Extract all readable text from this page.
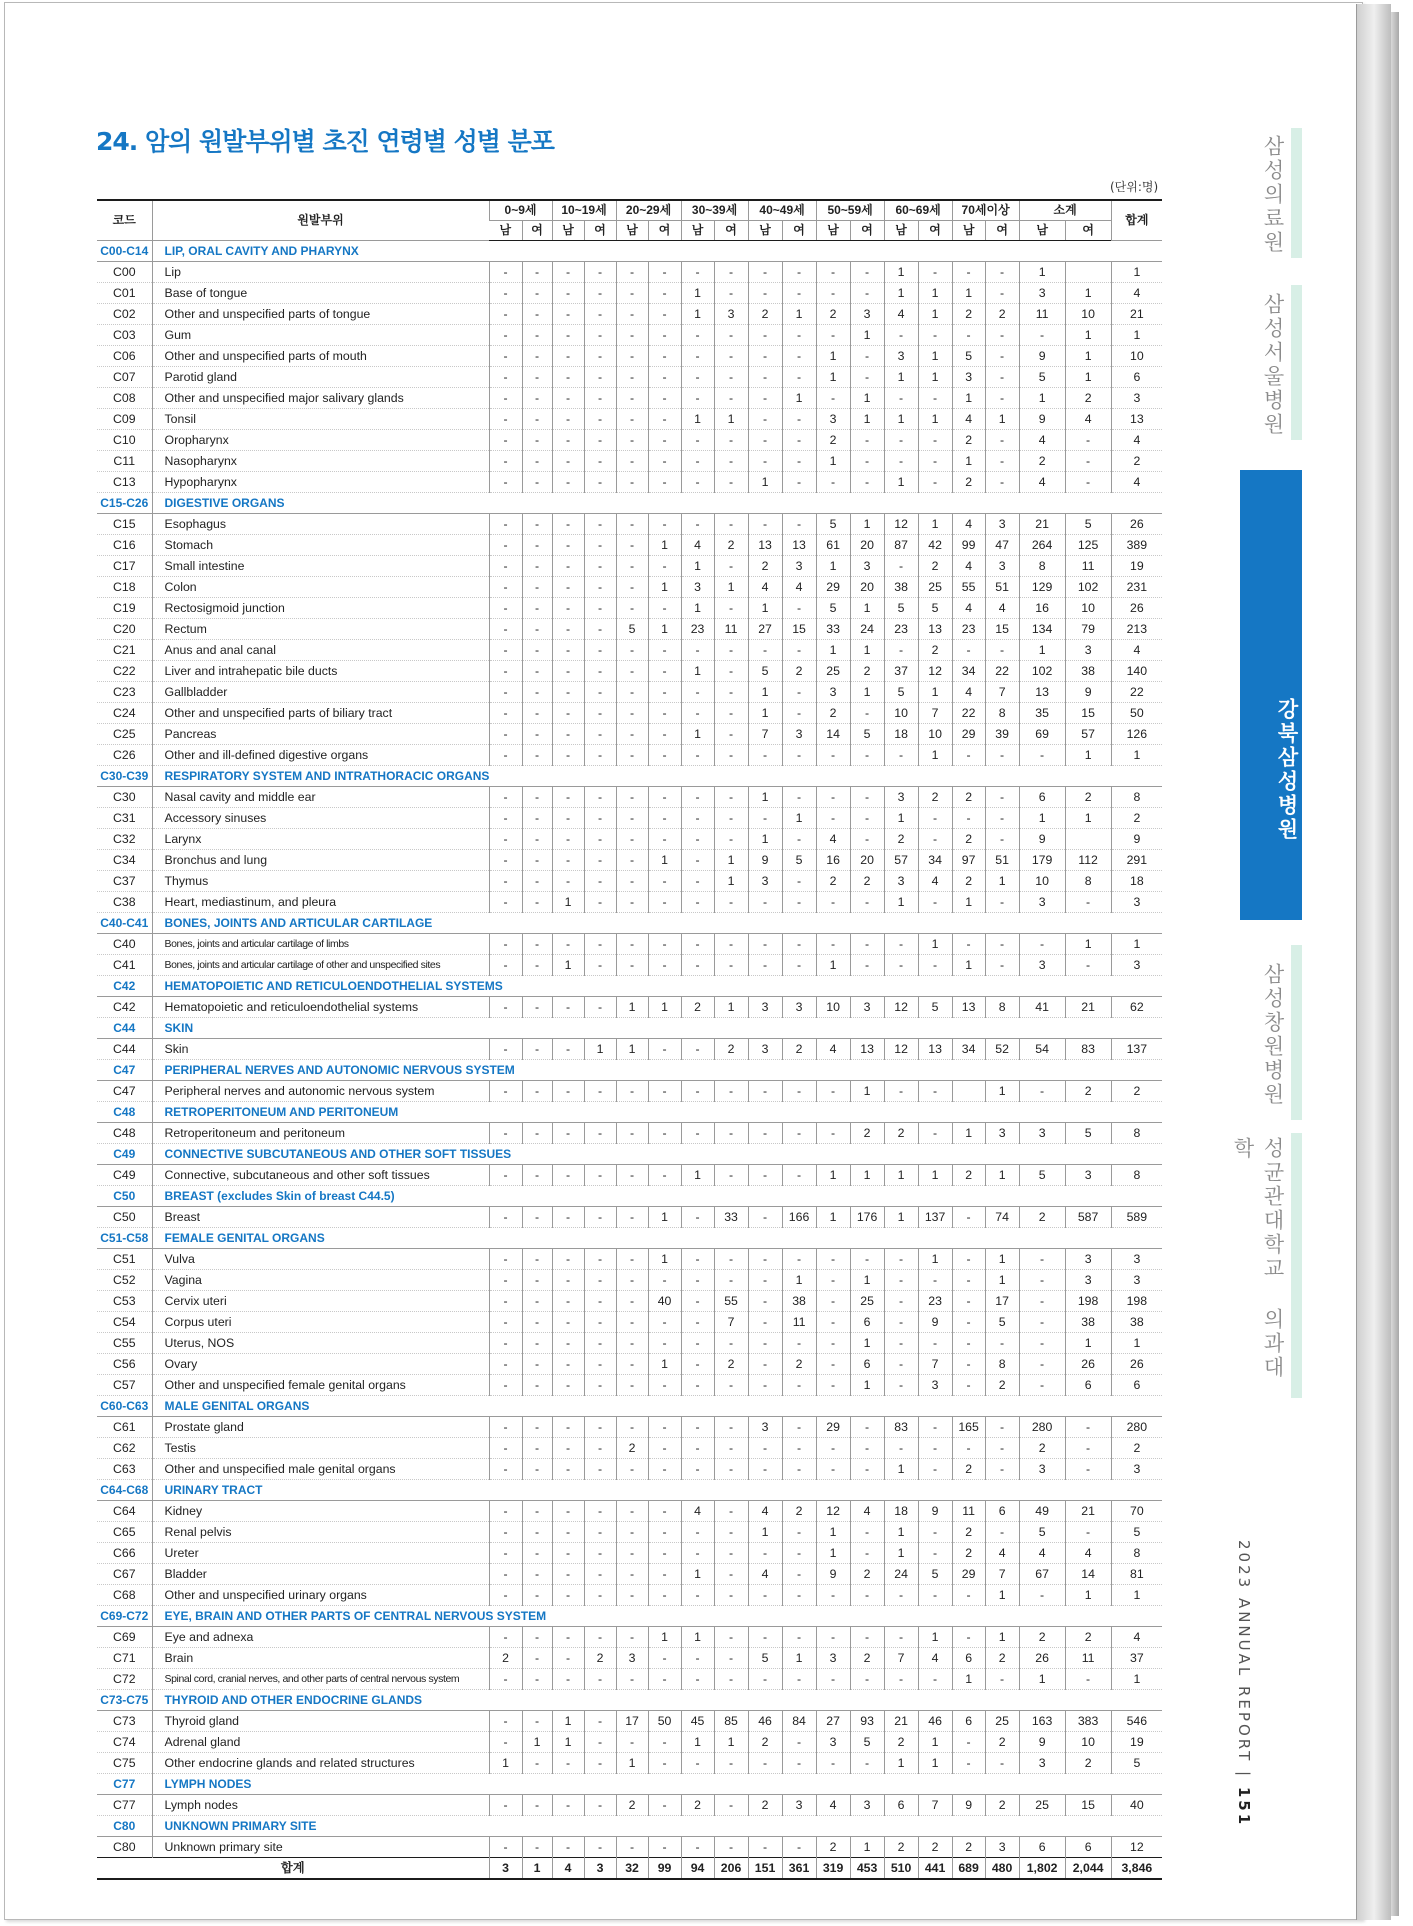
24. 암의 원발부위별 초진 연령별 성별 분포
(단위:명)
코드	원발부위	0~9세		10~19세		20~29세		30~39세		40~49세		50~59세		60~69세		70세이상		소계		합계
		남	여	남	여	남	여	남	여	남	여	남	여	남	여	남	여	남	여	
C00-C14	LIP, ORAL CAVITY AND PHARYNX																			
C00	Lip	-	-	-	-	-	-	-	-	-	-	-	-	1	-	-	-	1		1
C01	Base of tongue	-	-	-	-	-	-	1	-	-	-	-	-	1	1	1	-	3	1	4
C02	Other and unspecified parts of tongue	-	-	-	-	-	-	1	3	2	1	2	3	4	1	2	2	11	10	21
C03	Gum	-	-	-	-	-	-	-	-	-	-	-	1	-	-	-	-	-	1	1
C06	Other and unspecified parts of mouth	-	-	-	-	-	-	-	-	-	-	1	-	3	1	5	-	9	1	10
C07	Parotid gland	-	-	-	-	-	-	-	-	-	-	1	-	1	1	3	-	5	1	6
C08	Other and unspecified major salivary glands	-	-	-	-	-	-	-	-	-	1	-	1	-	-	1	-	1	2	3
C09	Tonsil	-	-	-	-	-	-	1	1	-	-	3	1	1	1	4	1	9	4	13
C10	Oropharynx	-	-	-	-	-	-	-	-	-	-	2	-	-	-	2	-	4	-	4
C11	Nasopharynx	-	-	-	-	-	-	-	-	-	-	1	-	-	-	1	-	2	-	2
C13	Hypopharynx	-	-	-	-	-	-	-	-	1	-	-	-	1	-	2	-	4	-	4
C15-C26	DIGESTIVE ORGANS																			
C15	Esophagus	-	-	-	-	-	-	-	-	-	-	5	1	12	1	4	3	21	5	26
C16	Stomach	-	-	-	-	-	1	4	2	13	13	61	20	87	42	99	47	264	125	389
C17	Small intestine	-	-	-	-	-	-	1	-	2	3	1	3	-	2	4	3	8	11	19
C18	Colon	-	-	-	-	-	1	3	1	4	4	29	20	38	25	55	51	129	102	231
C19	Rectosigmoid junction	-	-	-	-	-	-	1	-	1	-	5	1	5	5	4	4	16	10	26
C20	Rectum	-	-	-	-	5	1	23	11	27	15	33	24	23	13	23	15	134	79	213
C21	Anus and anal canal	-	-	-	-	-	-	-	-	-	-	1	1	-	2	-	-	1	3	4
C22	Liver and intrahepatic bile ducts	-	-	-	-	-	-	1	-	5	2	25	2	37	12	34	22	102	38	140
C23	Gallbladder	-	-	-	-	-	-	-	-	1	-	3	1	5	1	4	7	13	9	22
C24	Other and unspecified parts of biliary tract	-	-	-	-	-	-	-	-	1	-	2	-	10	7	22	8	35	15	50
C25	Pancreas	-	-	-	-	-	-	1	-	7	3	14	5	18	10	29	39	69	57	126
C26	Other and ill-defined digestive organs	-	-	-	-	-	-	-	-	-	-	-	-	-	1	-	-	-	1	1
C30-C39	RESPIRATORY SYSTEM AND INTRATHORACIC ORGANS																			
C30	Nasal cavity and middle ear	-	-	-	-	-	-	-	-	1	-	-	-	3	2	2	-	6	2	8
C31	Accessory sinuses	-	-	-	-	-	-	-	-	-	1	-	-	1	-	-	-	1	1	2
C32	Larynx	-	-	-	-	-	-	-	-	1	-	4	-	2	-	2	-	9		9
C34	Bronchus and lung	-	-	-	-	-	1	-	1	9	5	16	20	57	34	97	51	179	112	291
C37	Thymus	-	-	-	-	-	-	-	1	3	-	2	2	3	4	2	1	10	8	18
C38	Heart, mediastinum, and pleura	-	-	1	-	-	-	-	-	-	-	-	-	1	-	1	-	3	-	3
C40-C41	BONES, JOINTS AND ARTICULAR CARTILAGE																			
C40	Bones, joints and articular cartilage of limbs	-	-	-	-	-	-	-	-	-	-	-	-	-	1	-	-	-	1	1
C41	Bones, joints and articular cartilage of other and unspecified sites	-	-	1	-	-	-	-	-	-	-	1	-	-	-	1	-	3	-	3
C42	HEMATOPOIETIC AND RETICULOENDOTHELIAL SYSTEMS																			
C42	Hematopoietic and reticuloendothelial systems	-	-	-	-	1	1	2	1	3	3	10	3	12	5	13	8	41	21	62
C44	SKIN																			
C44	Skin	-	-	-	1	1	-	-	2	3	2	4	13	12	13	34	52	54	83	137
C47	PERIPHERAL NERVES AND AUTONOMIC NERVOUS SYSTEM																			
C47	Peripheral nerves and autonomic nervous system	-	-	-	-	-	-	-	-	-	-	-	1	-	-		1	-	2	2
C48	RETROPERITONEUM AND PERITONEUM																			
C48	Retroperitoneum and peritoneum	-	-	-	-	-	-	-	-	-	-	-	2	2	-	1	3	3	5	8
C49	CONNECTIVE SUBCUTANEOUS AND OTHER SOFT TISSUES																			
C49	Connective, subcutaneous and other soft tissues	-	-	-	-	-	-	1	-	-	-	1	1	1	1	2	1	5	3	8
C50	BREAST (excludes Skin of breast C44.5)																			
C50	Breast	-	-	-	-	-	1	-	33	-	166	1	176	1	137	-	74	2	587	589
C51-C58	FEMALE GENITAL ORGANS																			
C51	Vulva	-	-	-	-	-	1	-	-	-	-	-	-	-	1	-	1	-	3	3
C52	Vagina	-	-	-	-	-	-	-	-	-	1	-	1	-	-	-	1	-	3	3
C53	Cervix uteri	-	-	-	-	-	40	-	55	-	38	-	25	-	23	-	17	-	198	198
C54	Corpus uteri	-	-	-	-	-	-	-	7	-	11	-	6	-	9	-	5	-	38	38
C55	Uterus, NOS	-	-	-	-	-	-	-	-	-	-	-	1	-	-	-	-	-	1	1
C56	Ovary	-	-	-	-	-	1	-	2	-	2	-	6	-	7	-	8	-	26	26
C57	Other and unspecified female genital organs	-	-	-	-	-	-	-	-	-	-	-	1	-	3	-	2	-	6	6
C60-C63	MALE GENITAL ORGANS																			
C61	Prostate gland	-	-	-	-	-	-	-	-	3	-	29	-	83	-	165	-	280	-	280
C62	Testis	-	-	-	-	2	-	-	-	-	-	-	-	-	-	-	-	2	-	2
C63	Other and unspecified male genital organs	-	-	-	-	-	-	-	-	-	-	-	-	1	-	2	-	3	-	3
C64-C68	URINARY TRACT																			
C64	Kidney	-	-	-	-	-	-	4	-	4	2	12	4	18	9	11	6	49	21	70
C65	Renal pelvis	-	-	-	-	-	-	-	-	1	-	1	-	1	-	2	-	5	-	5
C66	Ureter	-	-	-	-	-	-	-	-	-	-	1	-	1	-	2	4	4	4	8
C67	Bladder	-	-	-	-	-	-	1	-	4	-	9	2	24	5	29	7	67	14	81
C68	Other and unspecified urinary organs	-	-	-	-	-	-	-	-	-	-	-	-	-	-	-	1	-	1	1
C69-C72	EYE, BRAIN AND OTHER PARTS OF CENTRAL NERVOUS SYSTEM																			
C69	Eye and adnexa	-	-	-	-	-	1	1	-	-	-	-	-	-	1	-	1	2	2	4
C71	Brain	2	-	-	2	3	-	-	-	5	1	3	2	7	4	6	2	26	11	37
C72	Spinal cord, cranial nerves, and other parts of central nervous system	-	-	-	-	-	-	-	-	-	-	-	-	-	-	1	-	1	-	1
C73-C75	THYROID AND OTHER ENDOCRINE GLANDS																			
C73	Thyroid gland	-	-	1	-	17	50	45	85	46	84	27	93	21	46	6	25	163	383	546
C74	Adrenal gland	-	1	1	-	-	-	1	1	2	-	3	5	2	1	-	2	9	10	19
C75	Other endocrine glands and related structures	1	-	-	-	1	-	-	-	-	-	-	-	1	1	-	-	3	2	5
C77	LYMPH NODES																			
C77	Lymph nodes	-	-	-	-	2	-	2	-	2	3	4	3	6	7	9	2	25	15	40
C80	UNKNOWN PRIMARY SITE																			
C80	Unknown primary site	-	-	-	-	-	-	-	-	-	-	2	1	2	2	2	3	6	6	12
합계		3	1	4	3	32	99	94	206	151	361	319	453	510	441	689	480	1,802	2,044	3,846
삼성의료원
삼성서울병원
강북삼성병원
삼성창원병원
성균관대학교 의과대학
2023 ANNUAL REPORT | 151
